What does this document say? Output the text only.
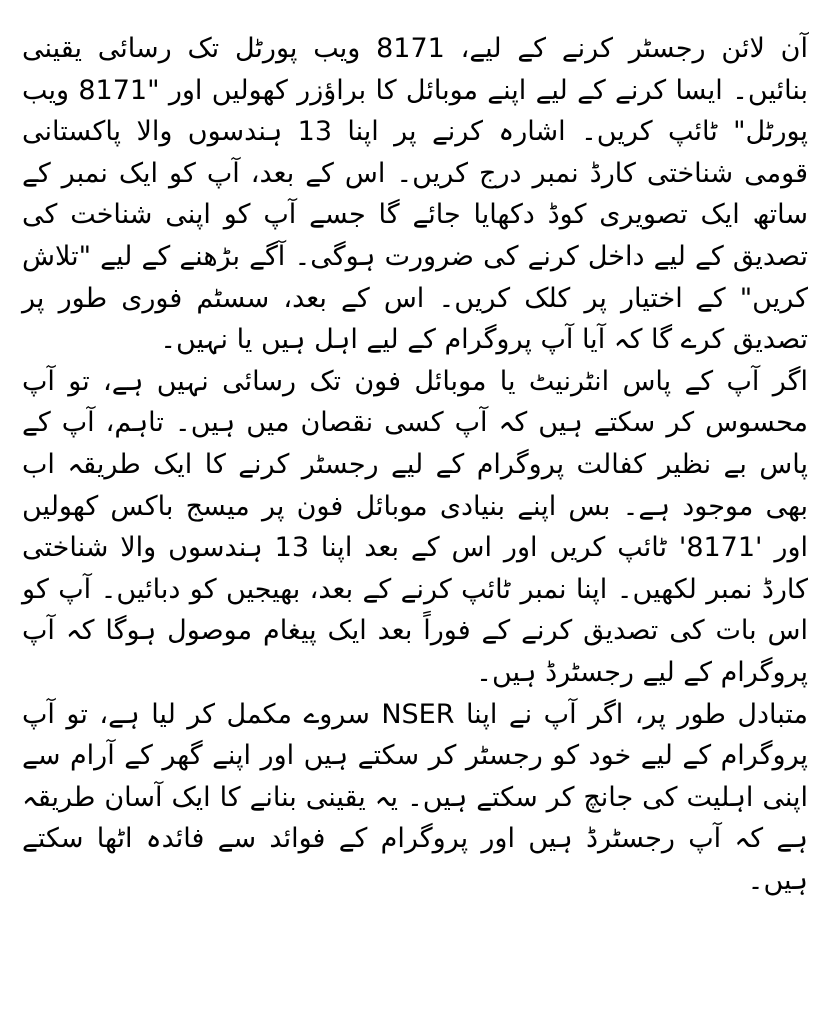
آن لائن رجسٹر کرنے کے لیے، 8171 ویب پورٹل تک رسائی یقینی بنائیں۔ ایسا کرنے کے لیے اپنے موبائل کا براؤزر کھولیں اور "8171 ویب پورٹل" ٹائپ کریں۔ اشارہ کرنے پر اپنا 13 ہندسوں والا پاکستانی قومی شناختی کارڈ نمبر درج کریں۔ اس کے بعد، آپ کو ایک نمبر کے ساتھ ایک تصویری کوڈ دکھایا جائے گا جسے آپ کو اپنی شناخت کی تصدیق کے لیے داخل کرنے کی ضرورت ہوگی۔ آگے بڑھنے کے لیے "تلاش کریں" کے اختیار پر کلک کریں۔ اس کے بعد، سسٹم فوری طور پر تصدیق کرے گا کہ آیا آپ پروگرام کے لیے اہل ہیں یا نہیں۔

اگر آپ کے پاس انٹرنیٹ یا موبائل فون تک رسائی نہیں ہے، تو آپ محسوس کر سکتے ہیں کہ آپ کسی نقصان میں ہیں۔ تاہم، آپ کے پاس بے نظیر کفالت پروگرام کے لیے رجسٹر کرنے کا ایک طریقہ اب بھی موجود ہے۔ بس اپنے بنیادی موبائل فون پر میسج باکس کھولیں اور '8171' ٹائپ کریں اور اس کے بعد اپنا 13 ہندسوں والا شناختی کارڈ نمبر لکھیں۔ اپنا نمبر ٹائپ کرنے کے بعد، بھیجیں کو دبائیں۔ آپ کو اس بات کی تصدیق کرنے کے فوراً بعد ایک پیغام موصول ہوگا کہ آپ پروگرام کے لیے رجسٹرڈ ہیں۔

متبادل طور پر، اگر آپ نے اپنا NSER سروے مکمل کر لیا ہے، تو آپ پروگرام کے لیے خود کو رجسٹر کر سکتے ہیں اور اپنے گھر کے آرام سے اپنی اہلیت کی جانچ کر سکتے ہیں۔ یہ یقینی بنانے کا ایک آسان طریقہ ہے کہ آپ رجسٹرڈ ہیں اور پروگرام کے فوائد سے فائدہ اٹھا سکتے ہیں۔
